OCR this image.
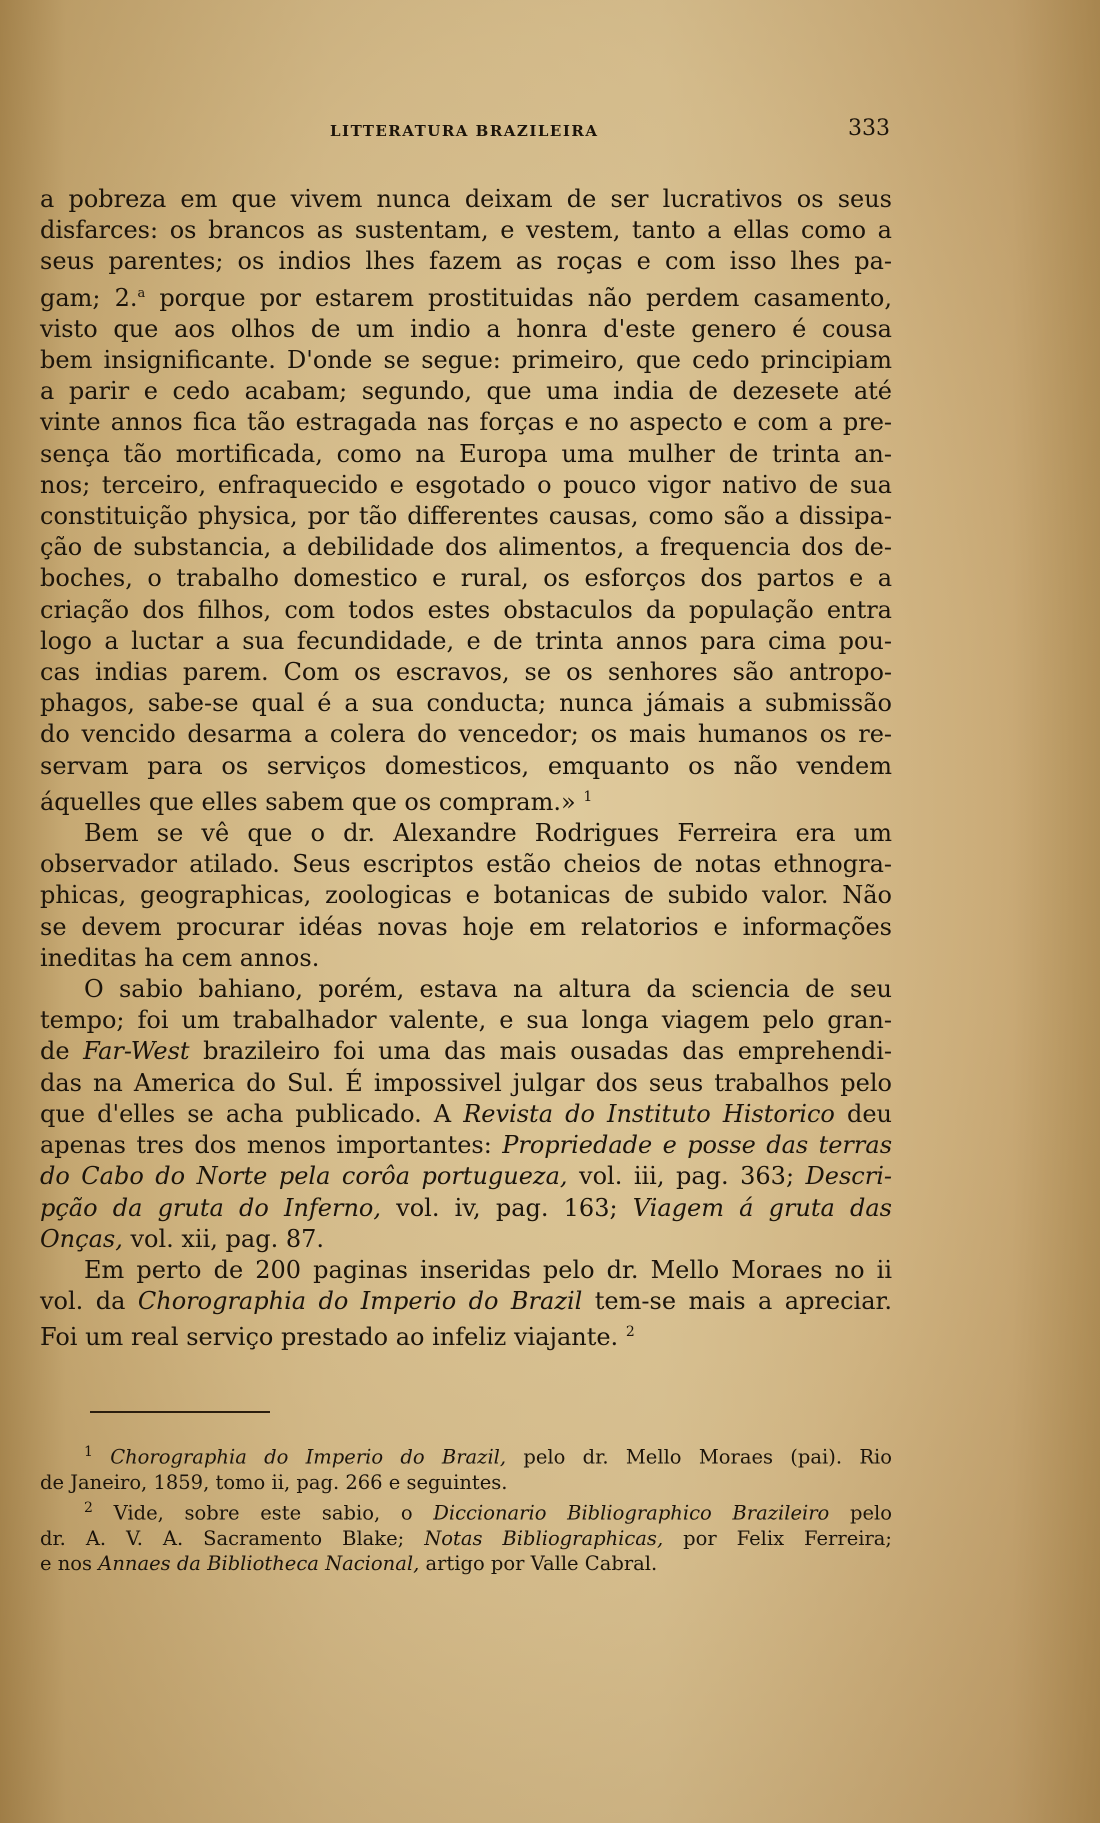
LITTERATURA BRAZILEIRA	333
a pobreza em que vivem nunca deixam de ser lucrativos os seus
disfarces: os brancos as sustentam, e vestem, tanto a ellas como a
seus parentes; os indios lhes fazem as roças e com isso lhes pa-
gam; 2.$^a$ porque por estarem prostituidas não perdem casamento,
visto que aos olhos de um indio a honra d'este genero é cousa
bem insignificante. D'onde se segue: primeiro, que cedo principiam
a parir e cedo acabam; segundo, que uma india de dezesete até
vinte annos fica tão estragada nas forças e no aspecto e com a pre-
sença tão mortificada, como na Europa uma mulher de trinta an-
nos; terceiro, enfraquecido e esgotado o pouco vigor nativo de sua
constituição physica, por tão differentes causas, como são a dissipa-
ção de substancia, a debilidade dos alimentos, a frequencia dos de-
boches, o trabalho domestico e rural, os esforços dos partos e a
criação dos filhos, com todos estes obstaculos da população entra
logo a luctar a sua fecundidade, e de trinta annos para cima pou-
cas indias parem. Com os escravos, se os senhores são antropo-
phagos, sabe-se qual é a sua conducta; nunca jámais a submissão
do vencido desarma a colera do vencedor; os mais humanos os re-
servam para os serviços domesticos, emquanto os não vendem
áquelles que elles sabem que os compram.» $^1$
Bem se vê que o dr. Alexandre Rodrigues Ferreira era um
observador atilado. Seus escriptos estão cheios de notas ethnogra-
phicas, geographicas, zoologicas e botanicas de subido valor. Não
se devem procurar idéas novas hoje em relatorios e informações
ineditas ha cem annos.
O sabio bahiano, porém, estava na altura da sciencia de seu
tempo; foi um trabalhador valente, e sua longa viagem pelo gran-
de Far-West brazileiro foi uma das mais ousadas das emprehendi-
das na America do Sul. É impossivel julgar dos seus trabalhos pelo
que d'elles se acha publicado. A Revista do Instituto Historico deu
apenas tres dos menos importantes: Propriedade e posse das terras
do Cabo do Norte pela corôa portugueza, vol. iii, pag. 363; Descri-
pção da gruta do Inferno, vol. iv, pag. 163; Viagem á gruta das
Onças, vol. xii, pag. 87.
Em perto de 200 paginas inseridas pelo dr. Mello Moraes no ii
vol. da Chorographia do Imperio do Brazil tem-se mais a apreciar.
Foi um real serviço prestado ao infeliz viajante. $^2$
$^1$ Chorographia do Imperio do Brazil, pelo dr. Mello Moraes (pai). Rio
de Janeiro, 1859, tomo ii, pag. 266 e seguintes.
$^2$ Vide, sobre este sabio, o Diccionario Bibliographico Brazileiro pelo
dr. A. V. A. Sacramento Blake; Notas Bibliographicas, por Felix Ferreira;
e nos Annaes da Bibliotheca Nacional, artigo por Valle Cabral.
